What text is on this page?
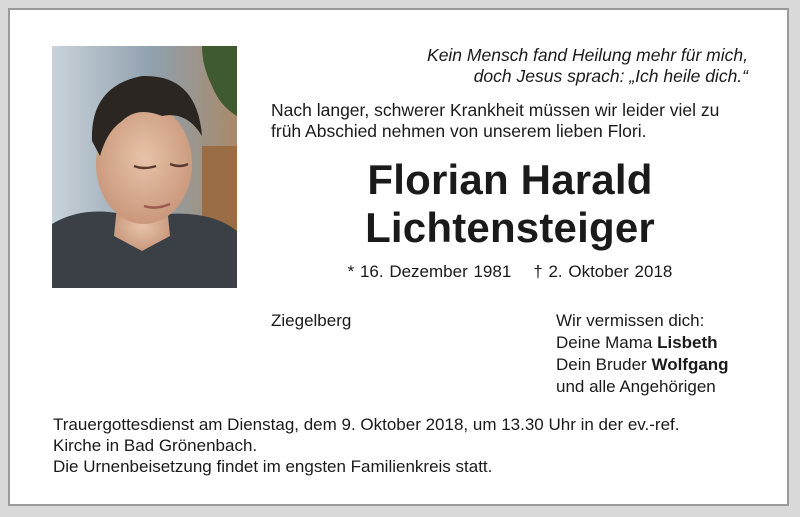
Kein Mensch fand Heilung mehr für mich,
doch Jesus sprach: „Ich heile dich.“
Nach langer, schwerer Krankheit müssen wir leider viel zu
früh Abschied nehmen von unserem lieben Flori.
Florian Harald
Lichtensteiger
* 16. Dezember 1981 † 2. Oktober 2018
Ziegelberg	Wir vermissen dich:
Deine Mama Lisbeth
Dein Bruder Wolfgang
und alle Angehörigen
Trauergottesdienst am Dienstag, dem 9. Oktober 2018, um 13.30 Uhr in der ev.-ref.
Kirche in Bad Grönenbach.
Die Urnenbeisetzung findet im engsten Familienkreis statt.
